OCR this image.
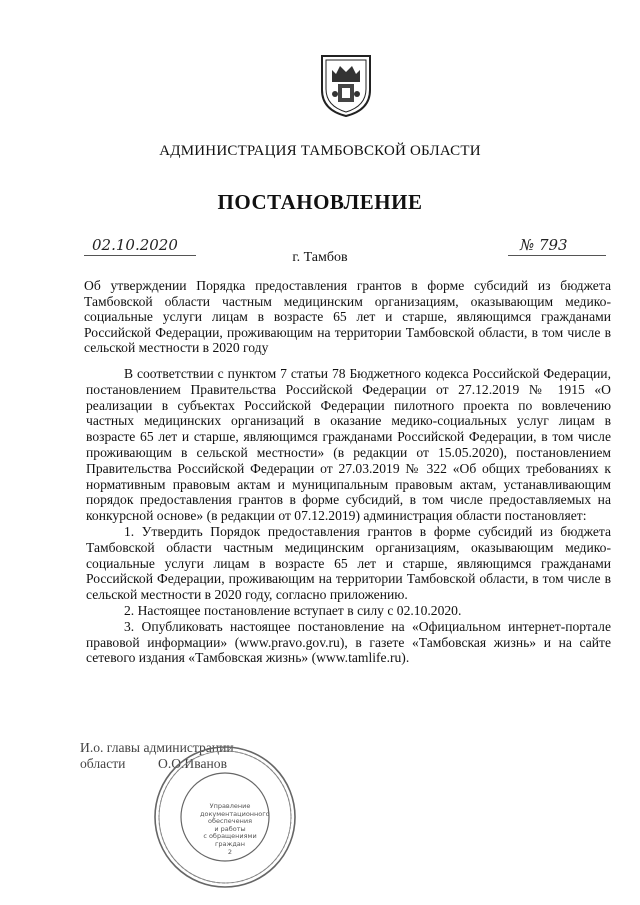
АДМИНИСТРАЦИЯ ТАМБОВСКОЙ ОБЛАСТИ
ПОСТАНОВЛЕНИЕ
02.10.2020
г. Тамбов
№ 793
Об утверждении Порядка предоставления грантов в форме субсидий из бюджета Тамбовской области частным медицинским организациям, оказывающим медико-социальные услуги лицам в возрасте 65 лет и старше, являющимся гражданами Российской Федерации, проживающим на территории Тамбовской области, в том числе в сельской местности в 2020 году

В соответствии с пунктом 7 статьи 78 Бюджетного кодекса Российской Федерации, постановлением Правительства Российской Федерации от 27.12.2019 № 1915 «О реализации в субъектах Российской Федерации пилотного проекта по вовлечению частных медицинских организаций в оказание медико-социальных услуг лицам в возрасте 65 лет и старше, являющимся гражданами Российской Федерации, в том числе проживающим в сельской местности» (в редакции от 15.05.2020), постановлением Правительства Российской Федерации от 27.03.2019 № 322 «Об общих требованиях к нормативным правовым актам и муниципальным правовым актам, устанавливающим порядок предоставления грантов в форме субсидий, в том числе предоставляемых на конкурсной основе» (в редакции от 07.12.2019) администрация области постановляет:

1. Утвердить Порядок предоставления грантов в форме субсидий из бюджета Тамбовской области частным медицинским организациям, оказывающим медико-социальные услуги лицам в возрасте 65 лет и старше, являющимся гражданами Российской Федерации, проживающим на территории Тамбовской области, в том числе в сельской местности в 2020 году, согласно приложению.

2. Настоящее постановление вступает в силу с 02.10.2020.

3. Опубликовать настоящее постановление на «Официальном интернет-портале правовой информации» (www.pravo.gov.ru), в газете «Тамбовская жизнь» и на сайте сетевого издания «Тамбовская жизнь» (www.tamlife.ru).

И.о. главы администрации
области	О.О.Иванов
Управление
документационного
обеспечения
и работы
с обращениями
граждан
2
